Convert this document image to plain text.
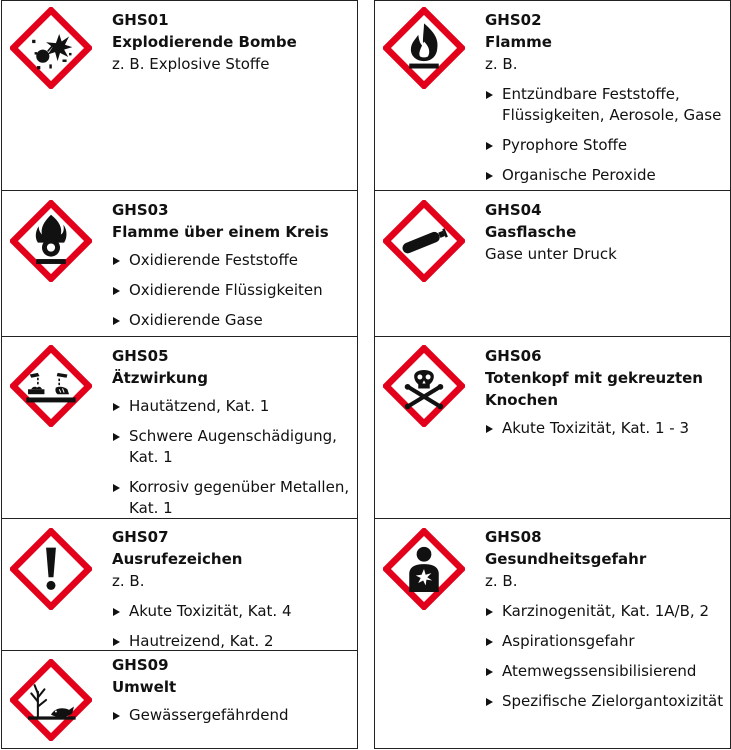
GHS01

Explodierende Bombe

z. B. Explosive Stoffe

GHS02

Flamme

z. B.

Entzündbare Feststoffe, Flüssigkeiten, Aerosole, Gase
Pyrophore Stoffe
Organische Peroxide

GHS03

Flamme über einem Kreis

Oxidierende Feststoffe
Oxidierende Flüssigkeiten
Oxidierende Gase

GHS04

Gasflasche

Gase unter Druck

GHS05

Ätzwirkung

Hautätzend, Kat. 1
Schwere Augenschädigung, Kat. 1
Korrosiv gegenüber Metallen, Kat. 1

GHS06

Totenkopf mit gekreuzten Knochen

Akute Toxizität, Kat. 1 - 3

GHS07

Ausrufezeichen

z. B.

Akute Toxizität, Kat. 4
Hautreizend, Kat. 2

GHS08

Gesundheitsgefahr

z. B.

Karzinogenität, Kat. 1A/B, 2
Aspirationsgefahr
Atemwegssensibilisierend
Spezifische Zielorgantoxizität

GHS09

Umwelt

Gewässergefährdend
